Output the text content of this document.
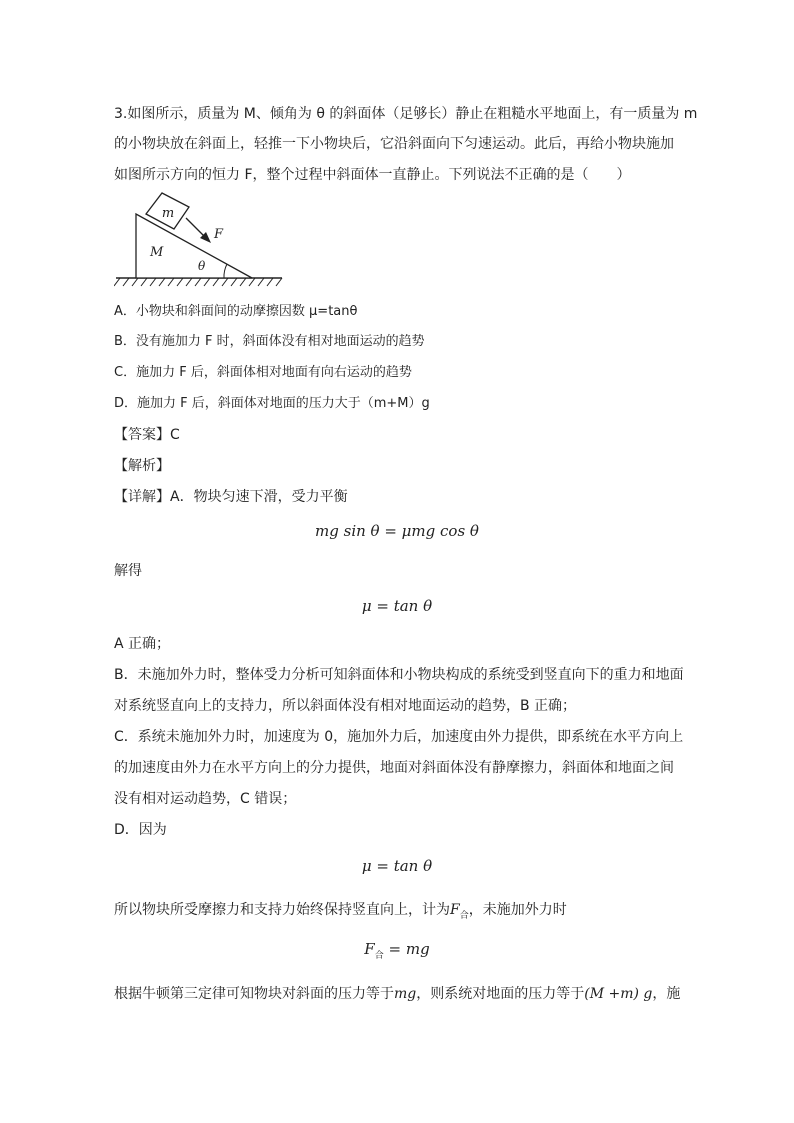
3.如图所示，质量为 M、倾角为 θ 的斜面体（足够长）静止在粗糙水平地面上，有一质量为 m
的小物块放在斜面上，轻推一下小物块后，它沿斜面向下匀速运动。此后，再给小物块施加
如图所示方向的恒力 F，整个过程中斜面体一直静止。下列说法不正确的是（　　）
m
F
M
θ
A．小物块和斜面间的动摩擦因数 μ=tanθ
B．没有施加力 F 时，斜面体没有相对地面运动的趋势
C．施加力 F 后，斜面体相对地面有向右运动的趋势
D．施加力 F 后，斜面体对地面的压力大于（m+M）g
【答案】C
【解析】
【详解】A．物块匀速下滑，受力平衡
mg sin θ = μmg cos θ
解得
μ = tan θ
A 正确；
B．未施加外力时，整体受力分析可知斜面体和小物块构成的系统受到竖直向下的重力和地面
对系统竖直向上的支持力，所以斜面体没有相对地面运动的趋势，B 正确；
C．系统未施加外力时，加速度为 0，施加外力后，加速度由外力提供，即系统在水平方向上
的加速度由外力在水平方向上的分力提供，地面对斜面体没有静摩擦力，斜面体和地面之间
没有相对运动趋势，C 错误；
D．因为
μ = tan θ
所以物块所受摩擦力和支持力始终保持竖直向上，计为$F_合$，未施加外力时
$F_合$ = mg
根据牛顿第三定律可知物块对斜面的压力等于mg，则系统对地面的压力等于(M +m) g，施
